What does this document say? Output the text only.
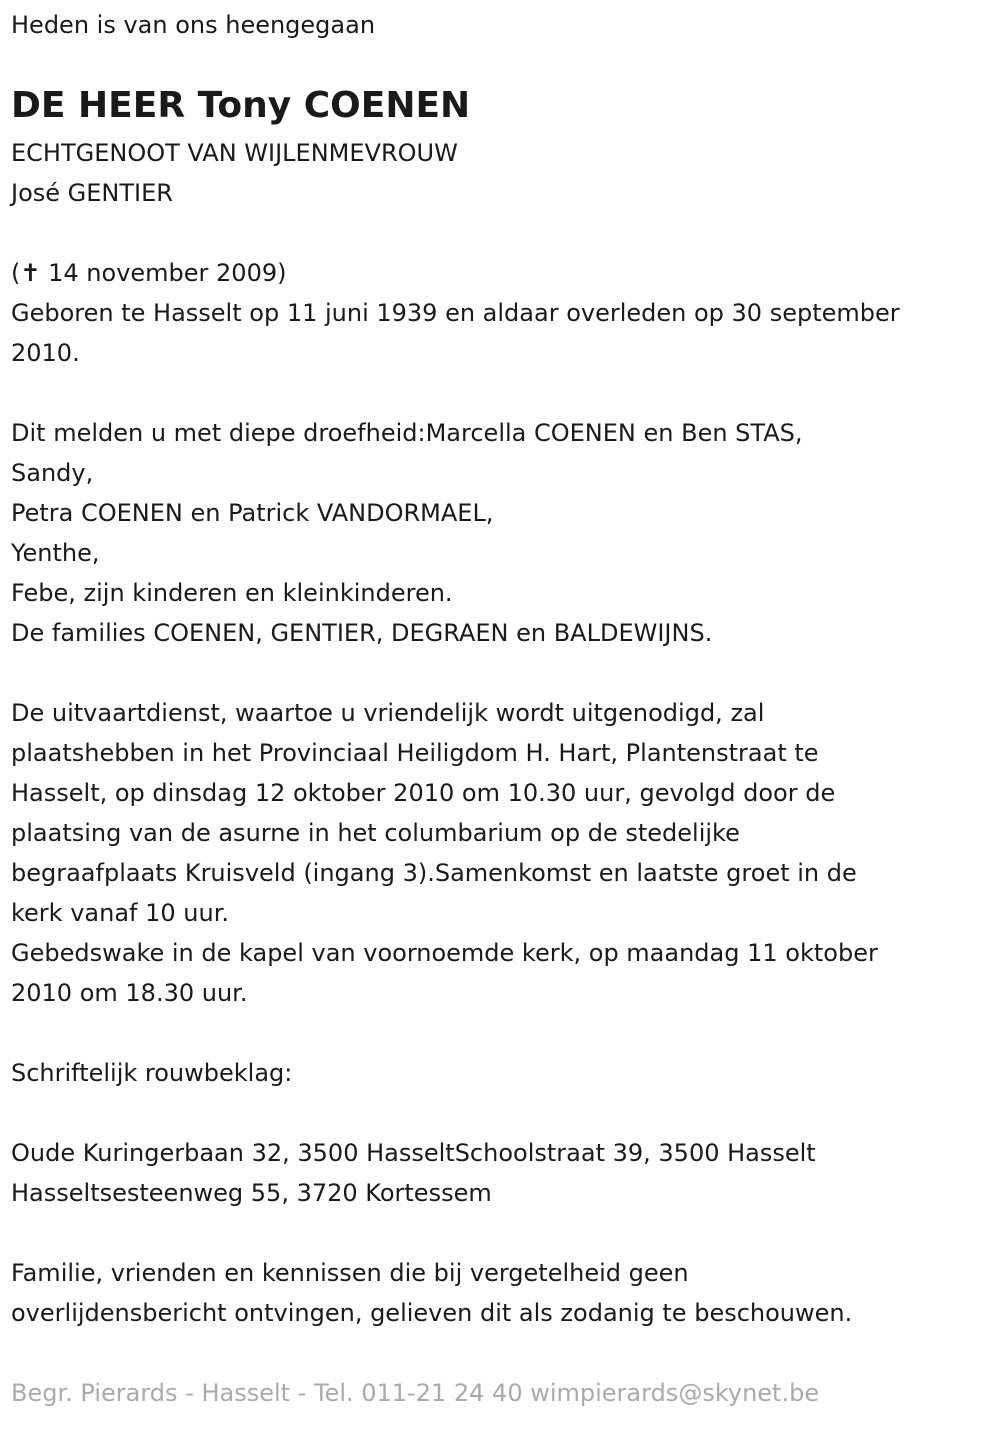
Heden is van ons heengegaan
DE HEER Tony COENEN
ECHTGENOOT VAN WIJLENMEVROUW
José GENTIER
(✝ 14 november 2009)
Geboren te Hasselt op 11 juni 1939 en aldaar overleden op 30 september
2010.
Dit melden u met diepe droefheid:Marcella COENEN en Ben STAS,
Sandy,
Petra COENEN en Patrick VANDORMAEL,
Yenthe,
Febe, zijn kinderen en kleinkinderen.
De families COENEN, GENTIER, DEGRAEN en BALDEWIJNS.
De uitvaartdienst, waartoe u vriendelijk wordt uitgenodigd, zal
plaatshebben in het Provinciaal Heiligdom H. Hart, Plantenstraat te
Hasselt, op dinsdag 12 oktober 2010 om 10.30 uur, gevolgd door de
plaatsing van de asurne in het columbarium op de stedelijke
begraafplaats Kruisveld (ingang 3).Samenkomst en laatste groet in de
kerk vanaf 10 uur.
Gebedswake in de kapel van voornoemde kerk, op maandag 11 oktober
2010 om 18.30 uur.
Schriftelijk rouwbeklag:
Oude Kuringerbaan 32, 3500 HasseltSchoolstraat 39, 3500 Hasselt
Hasseltsesteenweg 55, 3720 Kortessem
Familie, vrienden en kennissen die bij vergetelheid geen
overlijdensbericht ontvingen, gelieven dit als zodanig te beschouwen.
Begr. Pierards - Hasselt - Tel. 011-21 24 40 wimpierards@skynet.be
